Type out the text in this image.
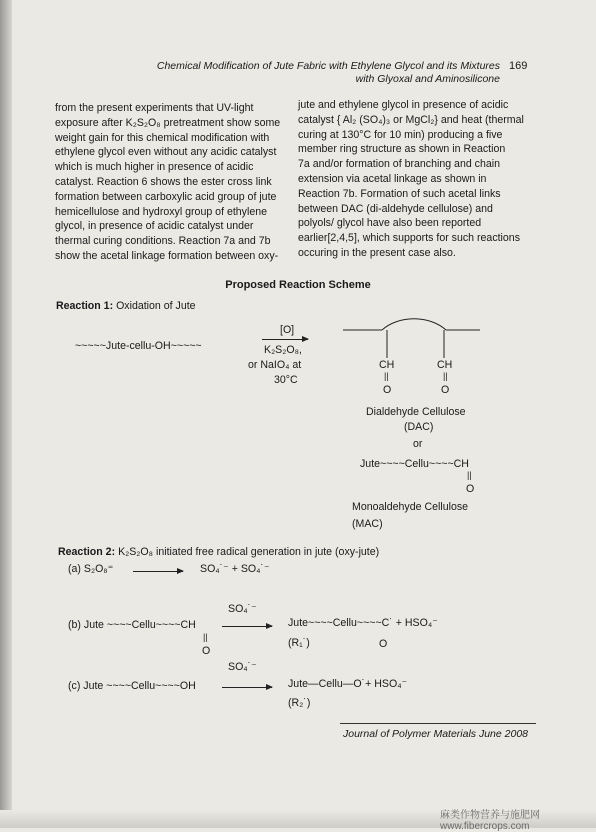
Chemical Modification of Jute Fabric with Ethylene Glycol and its Mixtures
with Glyoxal and Aminosilicone
169

from the present experiments that UV-light

exposure after K₂S₂O₈ pretreatment show some

weight gain for this chemical modification with

ethylene glycol even without any acidic catalyst

which is much higher in presence of acidic

catalyst. Reaction 6 shows the ester cross link

formation between carboxylic acid group of jute

hemicellulose and hydroxyl group of ethylene

glycol, in presence of acidic catalyst under

thermal curing conditions. Reaction 7a and 7b

show the acetal linkage formation between oxy-

jute and ethylene glycol in presence of acidic

catalyst { Al₂ (SO₄)₃ or MgCl₂} and heat (thermal

curing at 130°C for 10 min) producing a five

member ring structure as shown in Reaction

7a and/or formation of branching and chain

extension via acetal linkage as shown in

Reaction 7b. Formation of such acetal links

between DAC (di-aldehyde cellulose) and

polyols/ glycol have also been reported

earlier[2,4,5], which supports for such reactions

occuring in the present case also.

Proposed Reaction Scheme
Reaction 1: Oxidation of Jute
~~~~~Jute-cellu-OH~~~~~
[O]
K₂S₂O₈,
or NaIO₄ at
30°C
CH	CH
||	||
O	O
Dialdehyde Cellulose
(DAC)
or
Jute~~~~Cellu~~~~CH
||
O
Monoaldehyde Cellulose
(MAC)
Reaction 2: K₂S₂O₈ initiated free radical generation in jute (oxy-jute)
(a) S₂O₈⁼	SO₄˙⁻ + SO₄˙⁻
SO₄˙⁻
(b) Jute ~~~~Cellu~~~~CH
||
O
Jute~~~~Cellu~~~~C˙ + HSO₄⁻
O
(R₁˙)
SO₄˙⁻
(c) Jute ~~~~Cellu~~~~OH	Jute—Cellu—O˙+ HSO₄⁻
(R₂˙)
Journal of Polymer Materials June 2008
麻类作物营养与施肥网 www.fibercrops.com
